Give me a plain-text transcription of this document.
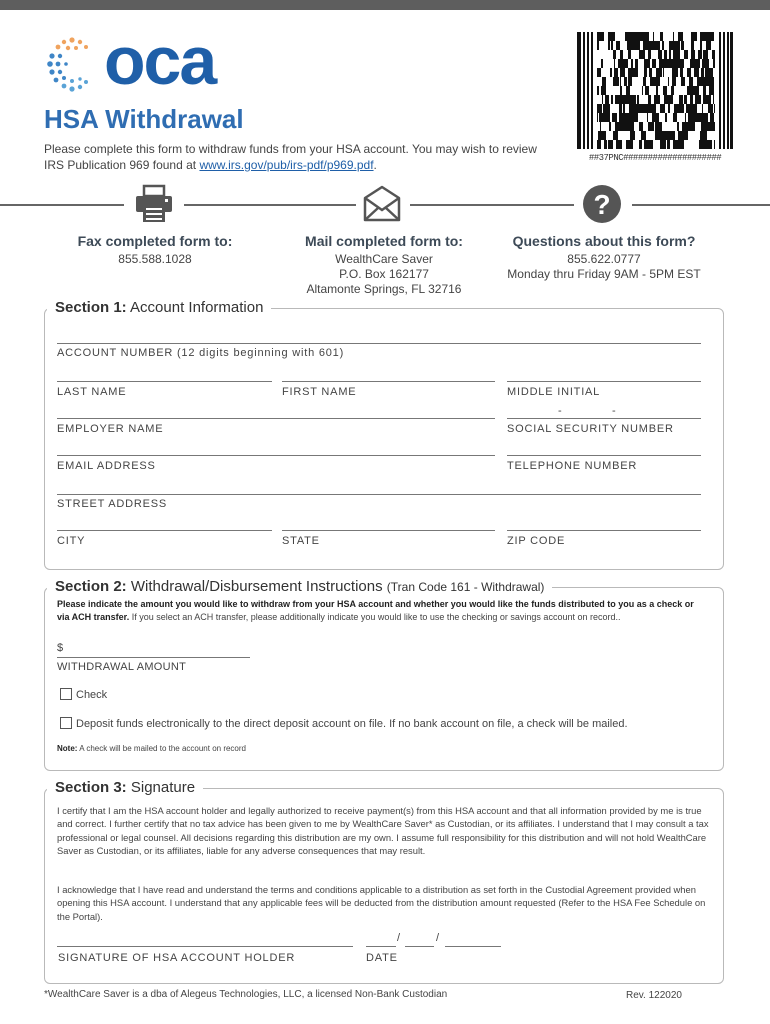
oca
HSA Withdrawal
Please complete this form to withdraw funds from your HSA account. You may wish to review IRS Publication 969 found at www.irs.gov/pub/irs-pdf/p969.pdf.	##37PNC####################
?
Fax completed form to:
855.588.1028
Mail completed form to:
WealthCare Saver
P.O. Box 162177
Altamonte Springs, FL 32716
Questions about this form?
855.622.0777
Monday thru Friday 9AM - 5PM EST
Section 1: Account Information
ACCOUNT NUMBER (12 digits beginning with 601)
LAST NAME	FIRST NAME	MIDDLE INITIAL
EMPLOYER NAME
-	-
SOCIAL SECURITY NUMBER
EMAIL ADDRESS	TELEPHONE NUMBER
STREET ADDRESS
CITY	STATE	ZIP CODE
Section 2: Withdrawal/Disbursement Instructions (Tran Code 161 - Withdrawal)
Please indicate the amount you would like to withdraw from your HSA account and whether you would like the funds distributed to you as a check or via ACH transfer. If you select an ACH transfer, please additionally indicate you would like to use the checking or savings account on record..
$
WITHDRAWAL AMOUNT
Check
Deposit funds electronically to the direct deposit account on file. If no bank account on file, a check will be mailed.
Note: A check will be mailed to the account on record
Section 3: Signature
I certify that I am the HSA account holder and legally authorized to receive payment(s) from this HSA account and that all information provided by me is true and correct. I further certify that no tax advice has been given to me by WealthCare Saver* as Custodian, or its affiliates. I understand that I may consult a tax professional or legal counsel. All decisions regarding this distribution are my own. I assume full responsibility for this distribution and will not hold WealthCare Saver as Custodian, or its affiliates, liable for any adverse consequences that may result.
I acknowledge that I have read and understand the terms and conditions applicable to a distribution as set forth in the Custodial Agreement provided when opening this HSA account. I understand that any applicable fees will be deducted from the distribution amount requested (Refer to the HSA Fee Schedule on the Portal).
SIGNATURE OF HSA ACCOUNT HOLDER
/	/
DATE
*WealthCare Saver is a dba of Alegeus Technologies, LLC, a licensed Non-Bank Custodian	Rev. 122020
